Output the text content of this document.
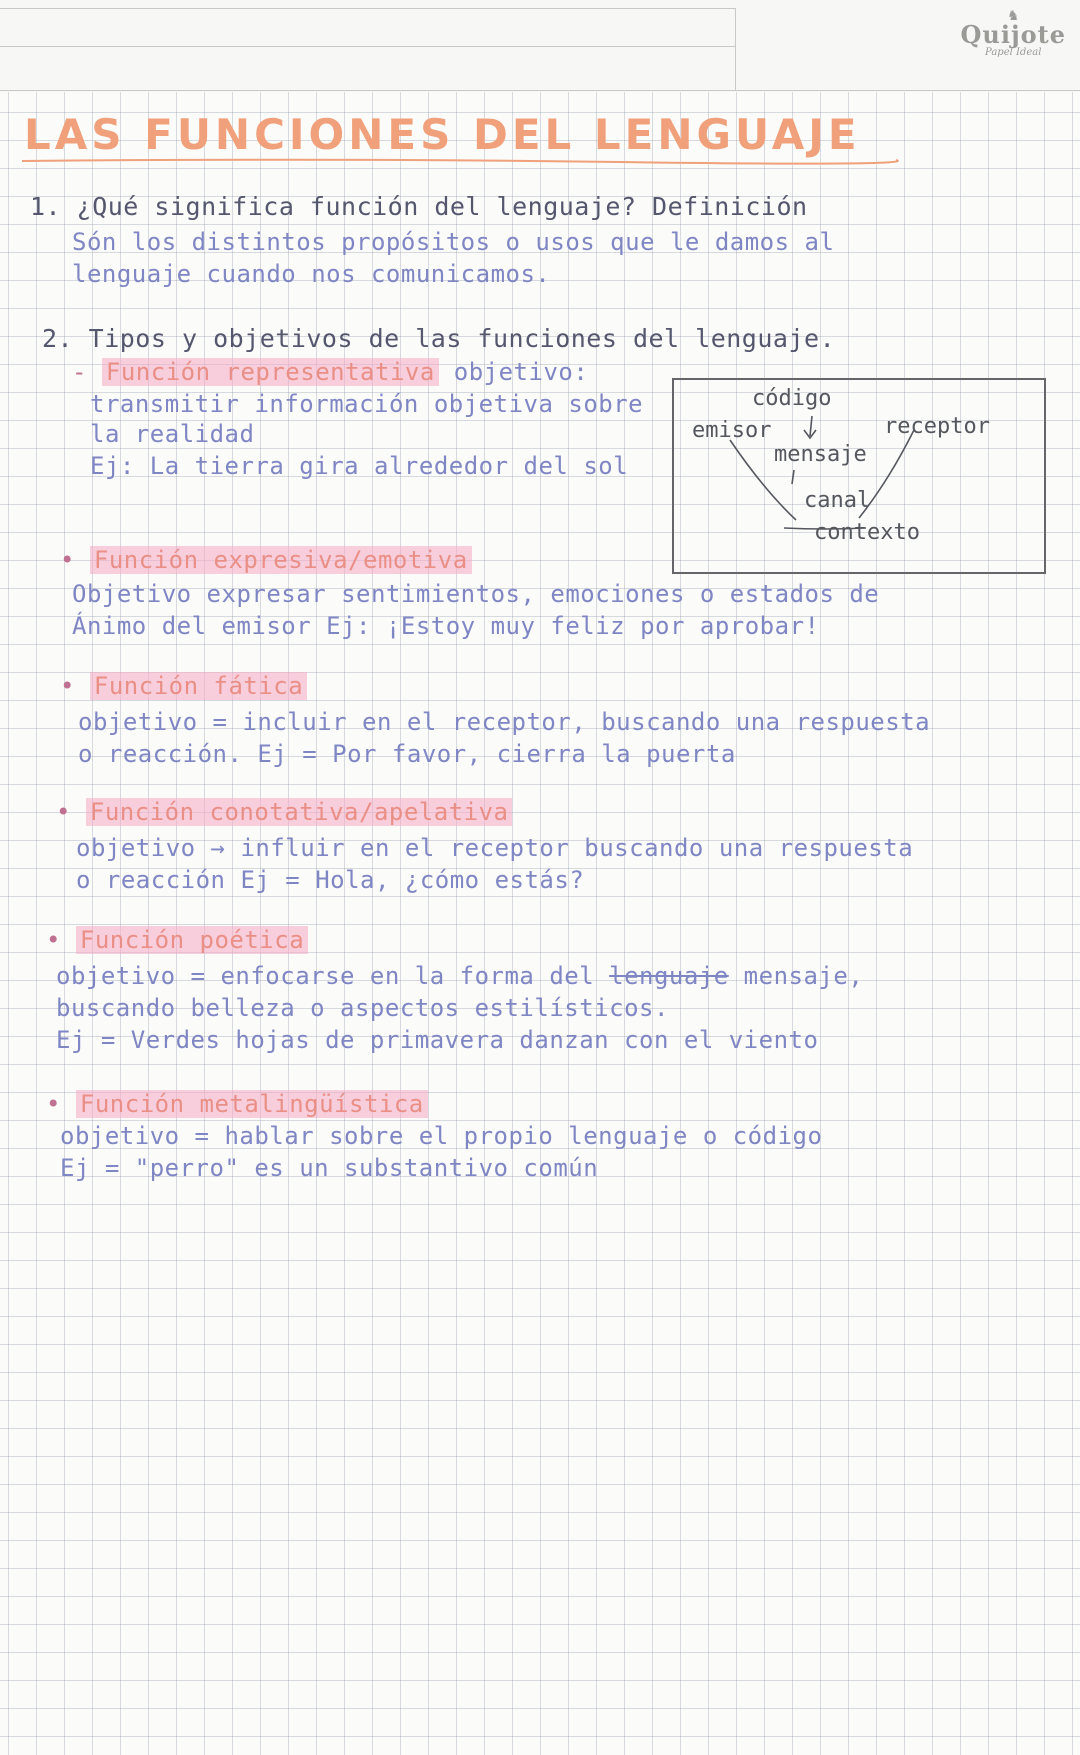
♞
Quijote
Papel Ideal
LAS FUNCIONES DEL LENGUAJE
1. ¿Qué significa función del lenguaje? Definición
Són los distintos propósitos o usos que le damos al
lenguaje cuando nos comunicamos.
2. Tipos y objetivos de las funciones del lenguaje.
- Función representativa objetivo:
transmitir información objetiva sobre
la realidad
Ej: La tierra gira alrededor del sol
código
emisor	receptor
mensaje
canal
contexto
• Función expresiva/emotiva
Objetivo expresar sentimientos, emociones o estados de
Ánimo del emisor Ej: ¡Estoy muy feliz por aprobar!
• Función fática
objetivo = incluir en el receptor, buscando una respuesta
o reacción. Ej = Por favor, cierra la puerta
• Función conotativa/apelativa
objetivo → influir en el receptor buscando una respuesta
o reacción Ej = Hola, ¿cómo estás?
• Función poética
objetivo = enfocarse en la forma del lenguaje mensaje,
buscando belleza o aspectos estilísticos.
Ej = Verdes hojas de primavera danzan con el viento
• Función metalingüística
objetivo = hablar sobre el propio lenguaje o código
Ej = "perro" es un substantivo común
